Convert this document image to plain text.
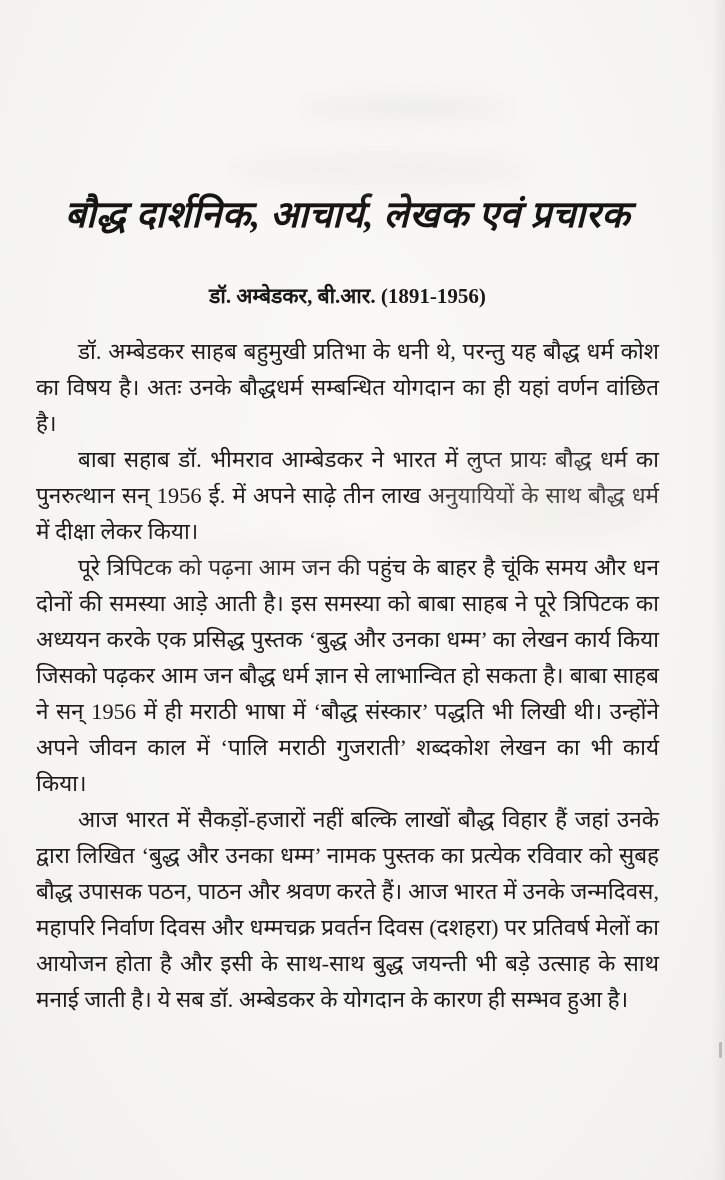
बौद्ध दार्शनिक, आचार्य, लेखक एवं प्रचारक
डॉ. अम्बेडकर, बी.आर. (1891-1956)

डॉ. अम्बेडकर साहब बहुमुखी प्रतिभा के धनी थे, परन्तु यह बौद्ध धर्म कोश का विषय है। अतः उनके बौद्धधर्म सम्बन्धित योगदान का ही यहां वर्णन वांछित है।

बाबा सहाब डॉ. भीमराव आम्बेडकर ने भारत में लुप्त प्रायः बौद्ध धर्म का पुनरुत्थान सन् 1956 ई. में अपने साढ़े तीन लाख अनुयायियों के साथ बौद्ध धर्म में दीक्षा लेकर किया।

पूरे त्रिपिटक को पढ़ना आम जन की पहुंच के बाहर है चूंकि समय और धन दोनों की समस्या आड़े आती है। इस समस्या को बाबा साहब ने पूरे त्रिपिटक का अध्ययन करके एक प्रसिद्ध पुस्तक ‘बुद्ध और उनका धम्म’ का लेखन कार्य किया जिसको पढ़कर आम जन बौद्ध धर्म ज्ञान से लाभान्वित हो सकता है। बाबा साहब ने सन् 1956 में ही मराठी भाषा में ‘बौद्ध संस्कार’ पद्धति भी लिखी थी। उन्होंने अपने जीवन काल में ‘पालि मराठी गुजराती’ शब्दकोश लेखन का भी कार्य किया।

आज भारत में सैकड़ों-हजारों नहीं बल्कि लाखों बौद्ध विहार हैं जहां उनके द्वारा लिखित ‘बुद्ध और उनका धम्म’ नामक पुस्तक का प्रत्येक रविवार को सुबह बौद्ध उपासक पठन, पाठन और श्रवण करते हैं। आज भारत में उनके जन्मदिवस, महापरि निर्वाण दिवस और धम्मचक्र प्रवर्तन दिवस (दशहरा) पर प्रतिवर्ष मेलों का आयोजन होता है और इसी के साथ-साथ बुद्ध जयन्ती भी बड़े उत्साह के साथ मनाई जाती है। ये सब डॉ. अम्बेडकर के योगदान के कारण ही सम्भव हुआ है।
